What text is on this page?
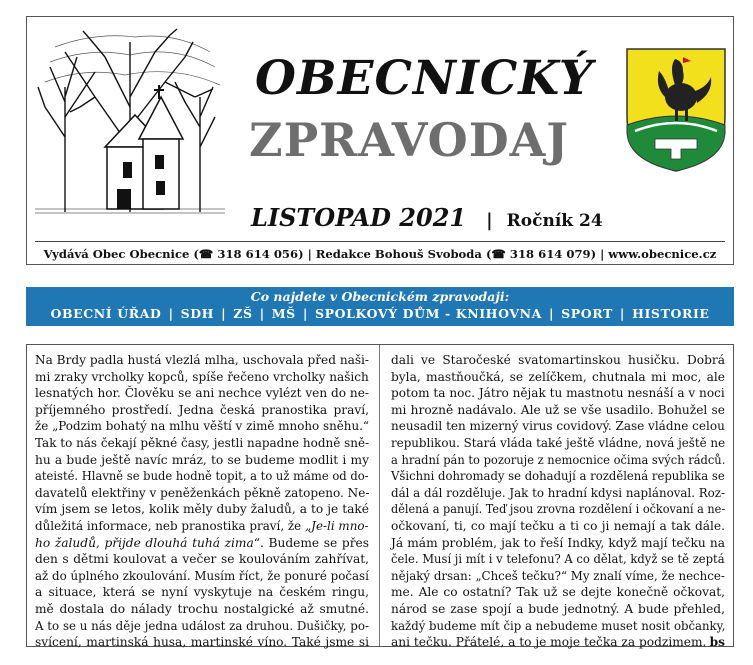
OBECNICKÝ
ZPRAVODAJ
LISTOPAD 2021 | Ročník 24
Vydává Obec Obecnice (☎ 318 614 056) | Redakce Bohouš Svoboda (☎ 318 614 079) | www.obecnice.cz
Co najdete v Obecnickém zpravodaji:
OBECNÍ ÚŘAD | SDH | ZŠ | MŠ | SPOLKOVÝ DŮM - KNIHOVNA | SPORT | HISTORIE
Na Brdy padla hustá vlezlá mlha, uschovala před naši-
mi zraky vrcholky kopců, spíše řečeno vrcholky našich
lesnatých hor. Člověku se ani nechce vylézt ven do ne-
příjemného prostředí. Jedna česká pranostika praví,
že „Podzim bohatý na mlhu věští v zimě mnoho sněhu.“
Tak to nás čekají pěkné časy, jestli napadne hodně sně-
hu a bude ještě navíc mráz, to se budeme modlit i my
ateisté. Hlavně se bude hodně topit, a to už máme od do-
davatelů elektřiny v peněženkách pěkně zatopeno. Ne-
vím jsem se letos, kolik měly duby žaludů, a to je také
důležitá informace, neb pranostika praví, že „Je-li mno-
ho žaludů, přijde dlouhá tuhá zima“. Budeme se přes
den s dětmi koulovat a večer se koulováním zahřívat,
až do úplného zkoulování. Musím říct, že ponuré počasí
a situace, která se nyní vyskytuje na českém ringu,
mě dostala do nálady trochu nostalgické až smutné.
A to se u nás děje jedna událost za druhou. Dušičky, po-
svícení, martinská husa, martinské víno. Také jsme si
dali ve Staročeské svatomartinskou husičku. Dobrá
byla, mastňoučká, se zelíčkem, chutnala mi moc, ale
potom ta noc. Játro nějak tu mastnotu nesnáší a v noci
mi hrozně nadávalo. Ale už se vše usadilo. Bohužel se
neusadil ten mizerný virus covidový. Zase vládne celou
republikou. Stará vláda také ještě vládne, nová ještě ne
a hradní pán to pozoruje z nemocnice očima svých rádců.
Všichni dohromady se dohadují a rozdělená republika se
dál a dál rozděluje. Jak to hradní kdysi naplánoval. Roz-
dělená a panují. Teď jsou zrovna rozdělení i očkovaní a ne-
očkovaní, ti, co mají tečku a ti co ji nemají a tak dále.
Já mám problém, jak to řeší Indky, když mají tečku na
čele. Musí ji mít i v telefonu? A co dělat, když se tě zeptá
nějaký drsan: „Chceš tečku?“ My znalí víme, že nechce-
me. Ale co ostatní? Tak už se dejte konečně očkovat,
národ se zase spojí a bude jednotný. A bude přehled,
každý budeme mít čip a nebudeme muset nosit občanky,
ani tečku. Přátelé, a to je moje tečka za podzimem. bs
